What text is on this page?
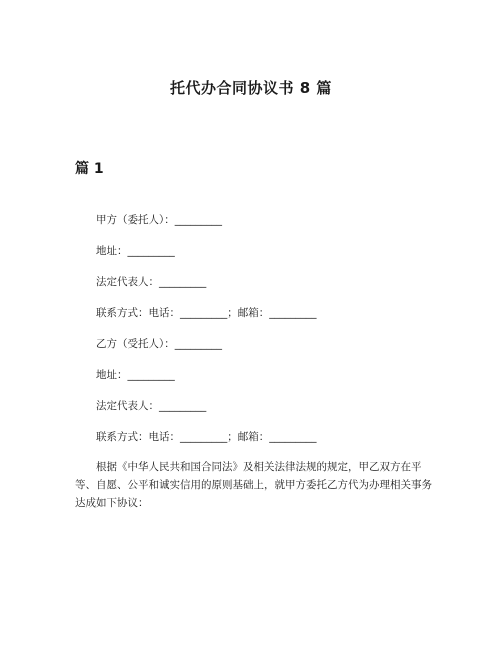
托代办合同协议书 8 篇
篇 1
甲方（委托人）：_________
地址：_________
法定代表人：_________
联系方式：电话：_________；邮箱：_________
乙方（受托人）：_________
地址：_________
法定代表人：_________
联系方式：电话：_________；邮箱：_________
根据《中华人民共和国合同法》及相关法律法规的规定，甲乙双方在平等、自愿、公平和诚实信用的原则基础上，就甲方委托乙方代为办理相关事务达成如下协议：
